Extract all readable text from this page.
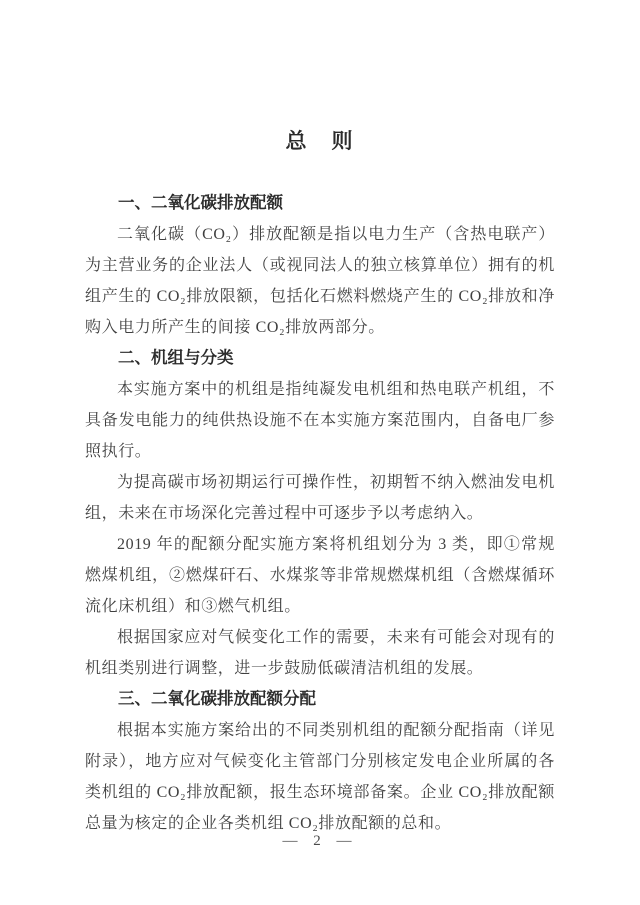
总　则
一、二氧化碳排放配额

二氧化碳（CO₂）排放配额是指以电力生产（含热电联产）为主营业务的企业法人（或视同法人的独立核算单位）拥有的机组产生的 CO₂排放限额，包括化石燃料燃烧产生的 CO₂排放和净购入电力所产生的间接 CO₂排放两部分。

二、机组与分类

本实施方案中的机组是指纯凝发电机组和热电联产机组，不具备发电能力的纯供热设施不在本实施方案范围内，自备电厂参照执行。

为提高碳市场初期运行可操作性，初期暂不纳入燃油发电机组，未来在市场深化完善过程中可逐步予以考虑纳入。

2019 年的配额分配实施方案将机组划分为 3 类，即①常规燃煤机组，②燃煤矸石、水煤浆等非常规燃煤机组（含燃煤循环流化床机组）和③燃气机组。

根据国家应对气候变化工作的需要，未来有可能会对现有的机组类别进行调整，进一步鼓励低碳清洁机组的发展。

三、二氧化碳排放配额分配

根据本实施方案给出的不同类别机组的配额分配指南（详见附录），地方应对气候变化主管部门分别核定发电企业所属的各类机组的 CO₂排放配额，报生态环境部备案。企业 CO₂排放配额总量为核定的企业各类机组 CO₂排放配额的总和。

— 2 —
